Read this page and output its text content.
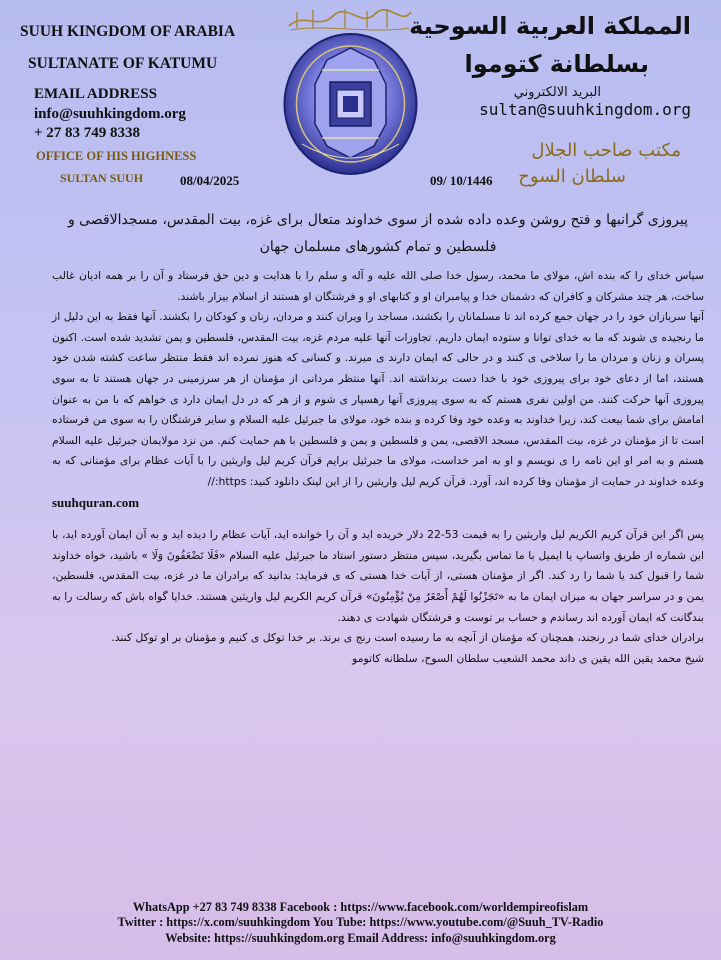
SUUH KINGDOM OF ARABIA
SULTANATE OF KATUMU
EMAIL ADDRESS
info@suuhkingdom.org
+ 27 83 749 8338
OFFICE OF HIS HIGHNESS
SULTAN SUUH	08/04/2025	09/ 10/1446
المملكة العربية السوحية
بسلطانة كتوموا
البريد الالكتروني
sultan@suuhkingdom.org
مكتب صاحب الجلال
سلطان السوح
پیروزی گرانبها و فتح روشن وعده داده شده از سوی خداوند متعال برای غزه، بیت المقدس، مسجدالاقصی و فلسطین و تمام کشورهای مسلمان جهان

سپاس خدای را که بنده اش، مولای ما محمد، رسول خدا صلی الله علیه و آله و سلم را با هدایت و دین حق فرستاد و آن را بر همه ادیان غالب ساخت، هر چند مشرکان و کافران که دشمنان خدا و پیامبران او و کتابهای او و فرشتگان او هستند از اسلام بیزار باشند.

آنها سربازان خود را در جهان جمع کرده اند تا مسلمانان را بکشند، مساجد را ویران کنند و مردان، زنان و کودکان را بکشند. آنها فقط به این دلیل از ما رنجیده ی شوند که ما به خدای توانا و ستوده ایمان داریم. تجاوزات آنها علیه مردم غزه، بیت المقدس، فلسطین و یمن تشدید شده است. اکنون پسران و زنان و مردان ما را سلاخی ی کنند و در حالی که ایمان دارند ی میرند. و کسانی که هنوز نمرده اند فقط منتظر ساعت کشته شدن خود هستند، اما از دعای خود برای پیروزی خود با خدا دست برنداشته اند. آنها منتظر مردانی از مؤمنان از هر سرزمینی در جهان هستند تا به سوی پیروزی آنها حرکت کنند. من اولین نفری هستم که به سوی پیروزی آنها رهسپار ی شوم و از هر که در دل ایمان دارد ی خواهم که با من به عنوان امامش برای شما بیعت کند، زیرا خداوند به وعده خود وفا کرده و بنده خود، مولای ما جبرئیل علیه السلام و سایر فرشتگان را به سوی من فرستاده است تا از مؤمنان در غزه، بیت المقدس، مسجد الاقصی، یمن و فلسطین و یمن و فلسطین با هم حمایت کنم. من نزد مولایمان جبرئیل علیه السلام هستم و به امر او این نامه را ی نویسم و او به امر خداست، مولای ما جبرئیل برایم قرآن کریم لیل واریثین را با آیات عظام برای مؤمنانی که به وعده خداوند در حمایت از مؤمنان وفا کرده اند، آورد. قرآن کریم لیل واریثین را از این لینک دانلود کنید: https://

suuhquran.com

پس اگر این قرآن کریم الکریم لیل واریثین را به قیمت 53-22 دلار خریده اید و آن را خوانده اید، آیات عظام را دیده اید و به آن ایمان آورده اید، با این شماره از طریق واتساپ یا ایمیل با ما تماس بگیرید، سپس منتظر دستور استاد ما جبرئیل علیه السلام «فَلَا تَضْعَفُونَ وَلَا » باشید، خواه خداوند شما را قبول کند یا شما را رد کند. اگر از مؤمنان هستی، از آیات خدا هستی که ی فرماید: بدانید که برادران ما در غزه، بیت المقدس، فلسطین، یمن و در سراسر جهان به میزان ایمان ما به «تَجَزْنُوا لَهُمْ أَصْغَرُ مِنْ يُؤْمِنُونَ» قرآن کریم الکریم لیل واریثین هستند. خدایا گواه باش که رسالت را به بندگانت که ایمان آورده اند رساندم و حساب بر توست و فرشتگان شهادت ی دهند.

برادران خدای شما در رنجند، همچنان که مؤمنان از آنچه به ما رسیده است رنج ی برند. بر خدا توکل ی کنیم و مؤمنان بر او توکل کنند.

شیخ محمد یقین الله یقین ی داند محمد الشعیب سلطان السوح، سلطانه کاتومو

WhatsApp +27 83 749 8338 Facebook : https://www.facebook.com/worldempireofislam
Twitter : https://x.com/suuhkingdom You Tube: https://www.youtube.com/@Suuh_TV-Radio
Website: https://suuhkingdom.org Email Address: info@suuhkingdom.org
